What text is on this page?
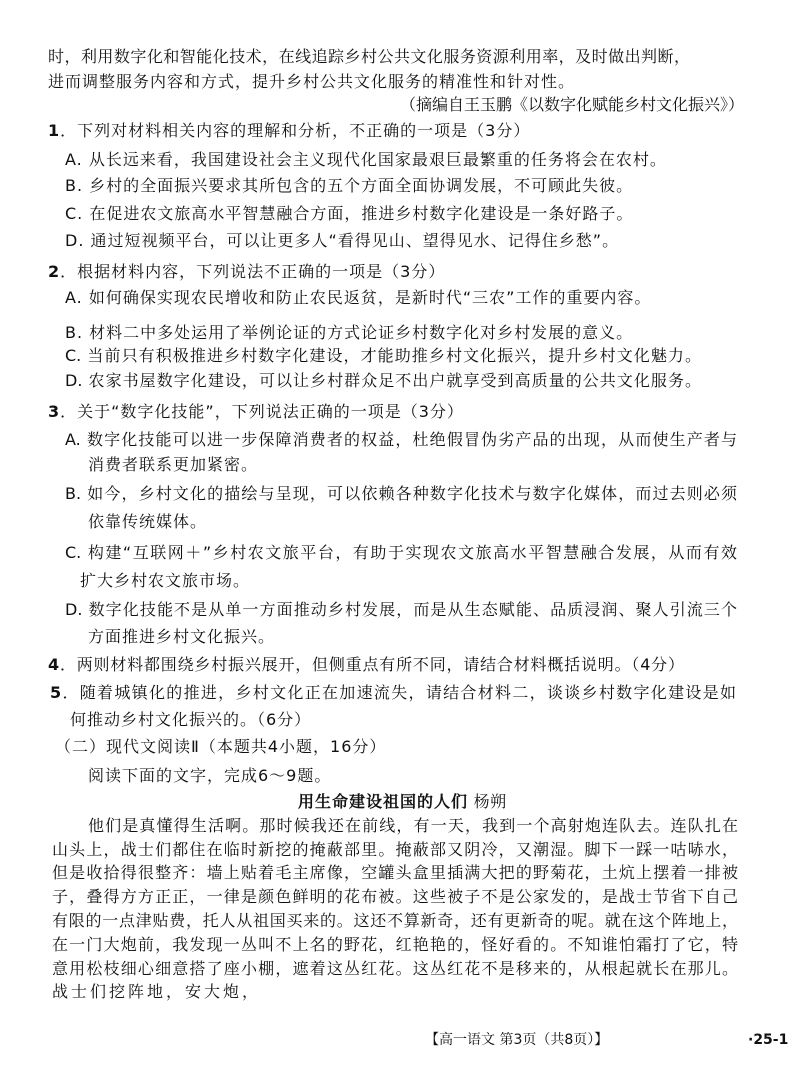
时，利用数字化和智能化技术，在线追踪乡村公共文化服务资源利用率，及时做出判断，
进而调整服务内容和方式，提升乡村公共文化服务的精准性和针对性。
（摘编自王玉鹏《以数字化赋能乡村文化振兴》）
1．下列对材料相关内容的理解和分析，不正确的一项是（3分）
A. 从长远来看，我国建设社会主义现代化国家最艰巨最繁重的任务将会在农村。
B. 乡村的全面振兴要求其所包含的五个方面全面协调发展，不可顾此失彼。
C. 在促进农文旅高水平智慧融合方面，推进乡村数字化建设是一条好路子。
D. 通过短视频平台，可以让更多人“看得见山、望得见水、记得住乡愁”。
2．根据材料内容，下列说法不正确的一项是（3分）
A. 如何确保实现农民增收和防止农民返贫，是新时代“三农”工作的重要内容。
B. 材料二中多处运用了举例论证的方式论证乡村数字化对乡村发展的意义。
C. 当前只有积极推进乡村数字化建设，才能助推乡村文化振兴，提升乡村文化魅力。
D. 农家书屋数字化建设，可以让乡村群众足不出户就享受到高质量的公共文化服务。
3．关于“数字化技能”，下列说法正确的一项是（3分）
A. 数字化技能可以进一步保障消费者的权益，杜绝假冒伪劣产品的出现，从而使生产者与
消费者联系更加紧密。
B. 如今，乡村文化的描绘与呈现，可以依赖各种数字化技术与数字化媒体，而过去则必须
依靠传统媒体。
C. 构建“互联网＋”乡村农文旅平台，有助于实现农文旅高水平智慧融合发展，从而有效
扩大乡村农文旅市场。
D. 数字化技能不是从单一方面推动乡村发展，而是从生态赋能、品质浸润、聚人引流三个
方面推进乡村文化振兴。
4．两则材料都围绕乡村振兴展开，但侧重点有所不同，请结合材料概括说明。（4分）
5．随着城镇化的推进，乡村文化正在加速流失，请结合材料二，谈谈乡村数字化建设是如
何推动乡村文化振兴的。（6分）
（二）现代文阅读Ⅱ（本题共4小题，16分）
阅读下面的文字，完成6～9题。
用生命建设祖国的人们 杨朔
他们是真懂得生活啊。那时候我还在前线，有一天，我到一个高射炮连队去。连队扎在
山头上，战士们都住在临时新挖的掩蔽部里。掩蔽部又阴冷，又潮湿。脚下一踩一咕哧水，
但是收拾得很整齐：墙上贴着毛主席像，空罐头盒里插满大把的野菊花，土炕上摆着一排被
子，叠得方方正正，一律是颜色鲜明的花布被。这些被子不是公家发的，是战士节省下自己
有限的一点津贴费，托人从祖国买来的。这还不算新奇，还有更新奇的呢。就在这个阵地上，
在一门大炮前，我发现一丛叫不上名的野花，红艳艳的，怪好看的。不知谁怕霜打了它，特
意用松枝细心细意搭了座小棚，遮着这丛红花。这丛红花不是移来的，从根起就长在那儿。
战士们挖阵地，安大炮，
【高一语文 第3页（共8页）】	·25-1
